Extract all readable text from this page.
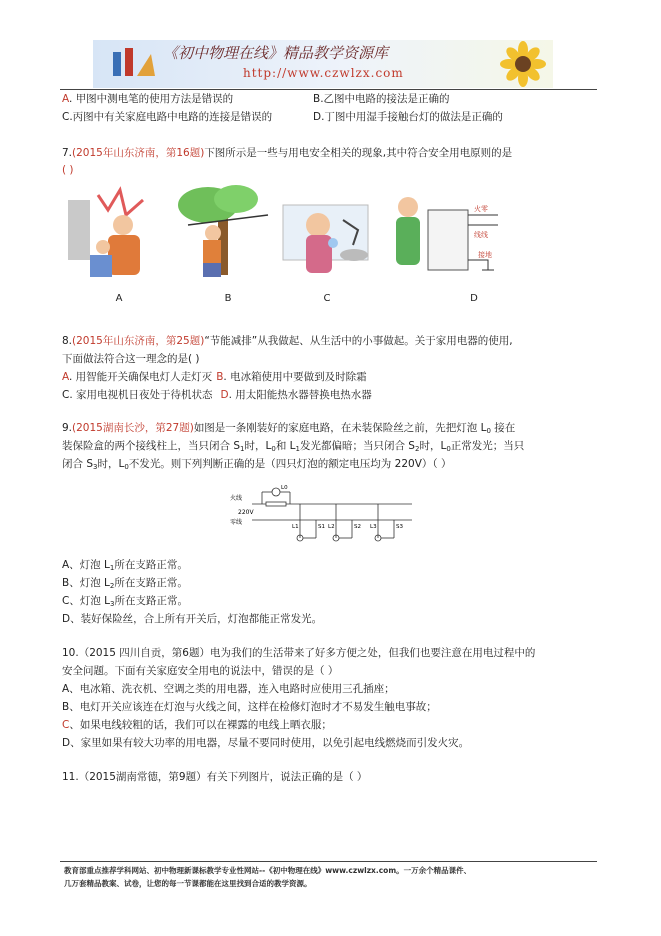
《初中物理在线》精品教学资源库
http://www.czwlzx.com
A. 甲图中测电笔的使用方法是错误的	B.乙图中电路的接法是正确的
C.丙图中有关家庭电路中电路的连接是错误的	D.丁图中用湿手接触台灯的做法是正确的
7.(2015年山东济南，第16题)下图所示是一些与用电安全相关的现象,其中符合安全用电原则的是
( )
火零
线线
接地
A	B	C	D
8.(2015年山东济南，第25题)“节能减排”从我做起、从生活中的小事做起。关于家用电器的使用,
下面做法符合这一理念的是( )
A. 用智能开关确保电灯人走灯灭 B. 电冰箱使用中要做到及时除霜
C. 家用电视机日夜处于待机状态 D. 用太阳能热水器替换电热水器
9.(2015湖南长沙，第27题)如图是一条刚装好的家庭电路，在未装保险丝之前，先把灯泡 $L_0$ 接在
装保险盒的两个接线柱上，当只闭合 $S_1$时，$L_0$和 $L_1$发光都偏暗；当只闭合 $S_2$时，$L_0$正常发光；当只
闭合 $S_3$时，$L_0$不发光。则下列判断正确的是（四只灯泡的额定电压均为 220V）（ ）
火线
零线
220V
L0
L1	S1 L2	S2 L3	S3
A、灯泡 $L_1$所在支路正常。
B、灯泡 $L_2$所在支路正常。
C、灯泡 $L_3$所在支路正常。
D、装好保险丝，合上所有开关后，灯泡都能正常发光。
10.（2015 四川自贡，第6题）电为我们的生活带来了好多方便之处，但我们也要注意在用电过程中的
安全问题。下面有关家庭安全用电的说法中，错误的是（ ）
A、电冰箱、洗衣机、空调之类的用电器，连入电路时应使用三孔插座；
B、电灯开关应该连在灯泡与火线之间，这样在检修灯泡时才不易发生触电事故；
C、如果电线较粗的话，我们可以在裸露的电线上晒衣服；
D、家里如果有较大功率的用电器，尽量不要同时使用，以免引起电线燃烧而引发火灾。
11.（2015湖南常德，第9题）有关下列图片，说法正确的是（ ）
教育部重点推荐学科网站、初中物理新课标教学专业性网站--《初中物理在线》www.czwlzx.com。一万余个精品课件、
几万套精品教案、试卷，让您的每一节课都能在这里找到合适的教学资源。
